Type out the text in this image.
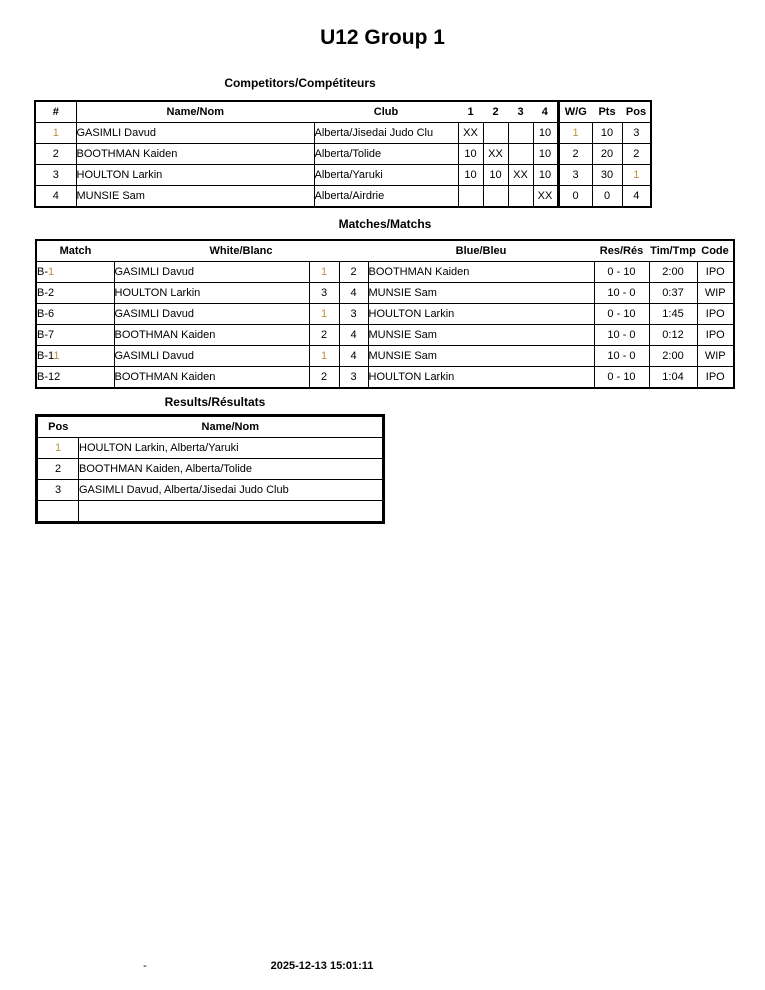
U12 Group 1
Competitors/Compétiteurs
Matches/Matchs
Results/Résultats
#	Name/Nom	Club	1	2	3	4	W/G	Pts	Pos
1	GASIMLI Davud	Alberta/Jisedai Judo Clu	XX			10	1	10	3
2	BOOTHMAN Kaiden	Alberta/Tolide	10	XX		10	2	20	2
3	HOULTON Larkin	Alberta/Yaruki	10	10	XX	10	3	30	1
4	MUNSIE Sam	Alberta/Airdrie				XX	0	0	4
Match	White/Blanc			Blue/Bleu	Res/Rés	Tim/Tmp	Code
B-1	GASIMLI Davud	1	2	BOOTHMAN Kaiden	0 - 10	2:00	IPO
B-2	HOULTON Larkin	3	4	MUNSIE Sam	10 - 0	0:37	WIP
B-6	GASIMLI Davud	1	3	HOULTON Larkin	0 - 10	1:45	IPO
B-7	BOOTHMAN Kaiden	2	4	MUNSIE Sam	10 - 0	0:12	IPO
B-11	GASIMLI Davud	1	4	MUNSIE Sam	10 - 0	2:00	WIP
B-12	BOOTHMAN Kaiden	2	3	HOULTON Larkin	0 - 10	1:04	IPO
Pos	Name/Nom
1	HOULTON Larkin, Alberta/Yaruki
2	BOOTHMAN Kaiden, Alberta/Tolide
3	GASIMLI Davud, Alberta/Jisedai Judo Club

-	2025-12-13 15:01:11
